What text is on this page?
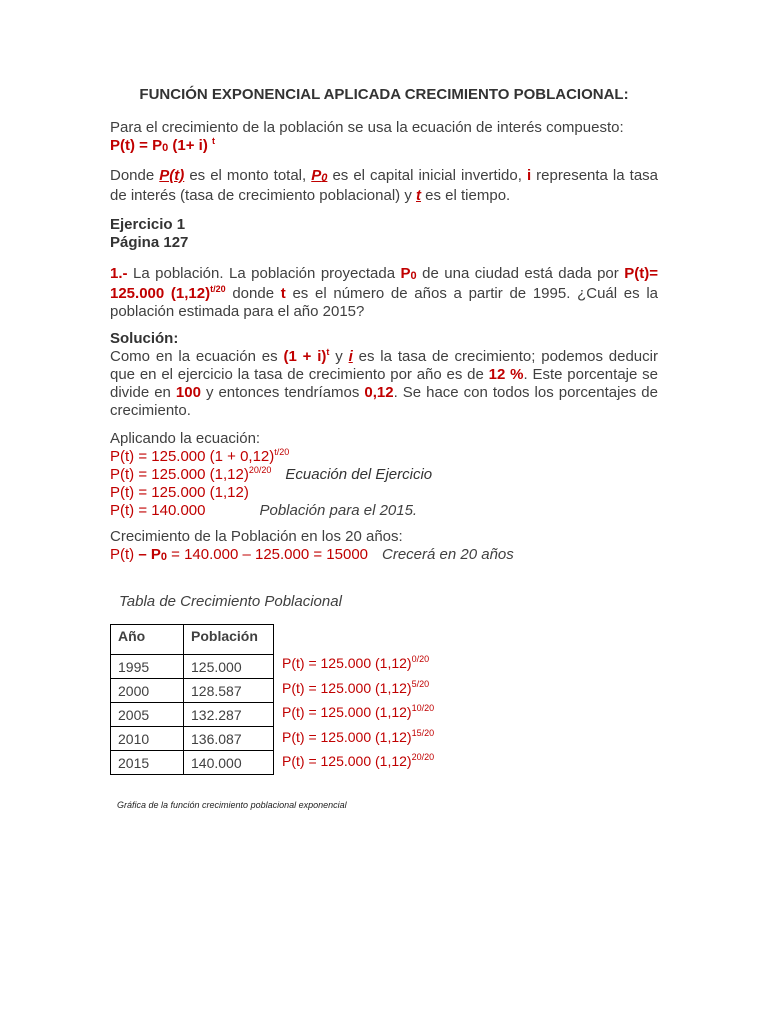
FUNCIÓN EXPONENCIAL APLICADA CRECIMIENTO POBLACIONAL:
Para el crecimiento de la población se usa la ecuación de interés compuesto:
P(t) = P0 (1+ i) $^t$
Donde P(t) es el monto total, P0 es el capital inicial invertido, i representa la tasa de interés (tasa de crecimiento poblacional) y t es el tiempo.
Ejercicio 1
Página 127
1.- La población. La población proyectada P0 de una ciudad está dada por P(t)= 125.000 $(1,12)^{t/20}$ donde t es el número de años a partir de 1995. ¿Cuál es la población estimada para el año 2015?
Solución:
Como en la ecuación es $(1 + i)^t$ y i es la tasa de crecimiento; podemos deducir que en el ejercicio la tasa de crecimiento por año es de 12 %. Este porcentaje se divide en 100 y entonces tendríamos 0,12. Se hace con todos los porcentajes de crecimiento.
Aplicando la ecuación:
P(t) = 125.000 $(1 + 0,12)^{t/20}$
P(t) = 125.000 $(1,12)^{20/20}$ Ecuación del Ejercicio
P(t) = 125.000 (1,12)
P(t) = 140.000	Población para el 2015.
Crecimiento de la Población en los 20 años:
P(t) – P0 = 140.000 – 125.000 = 15000 Crecerá en 20 años
Tabla de Crecimiento Poblacional
Año	Población
1995	125.000
2000	128.587
2005	132.287
2010	136.087
2015	140.000
P(t) = 125.000 $(1,12)^{0/20}$
P(t) = 125.000 $(1,12)^{5/20}$
P(t) = 125.000 $(1,12)^{10/20}$
P(t) = 125.000 $(1,12)^{15/20}$
P(t) = 125.000 $(1,12)^{20/20}$
Gráfica de la función crecimiento poblacional exponencial
